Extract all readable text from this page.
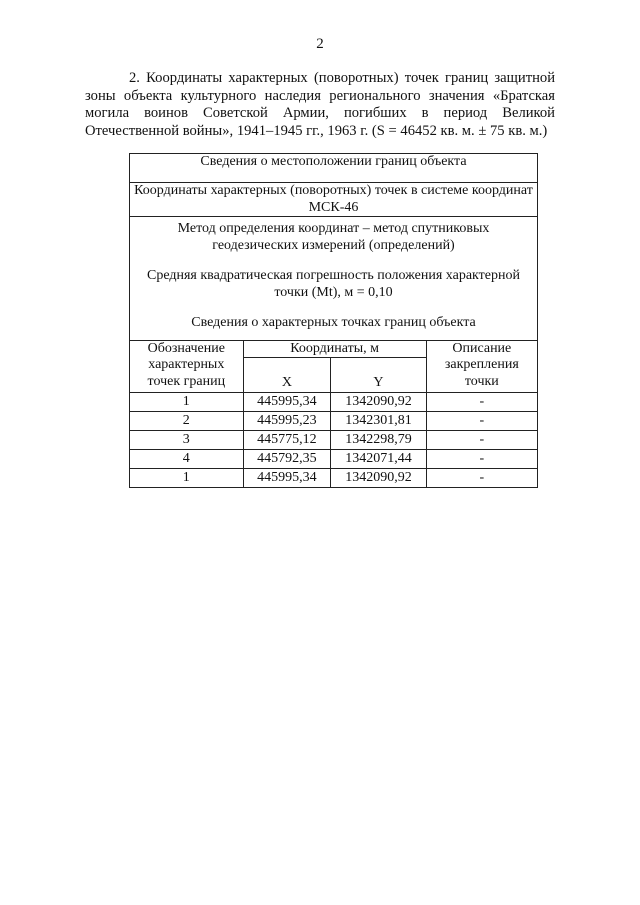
2

2. Координаты характерных (поворотных) точек границ защитной зоны объекта культурного наследия регионального значения «Братская могила воинов Советской Армии, погибших в период Великой Отечественной войны», 1941–1945 гг., 1963 г. (S = 46452 кв. м. ± 75 кв. м.)

Сведения о местоположении границ объекта			
Координаты характерных (поворотных) точек в системе координат МСК-46			

Метод определения координат – метод спутниковых геодезических измерений (определений)

Средняя квадратическая погрешность положения характерной точки (Mt), м = 0,10

Сведения о характерных точках границ объекта			

Обозначение характерных точек границ	Координаты, м		Описание закрепления точки

	X	Y	

1	445995,34	1342090,92	-
2	445995,23	1342301,81	-
3	445775,12	1342298,79	-
4	445792,35	1342071,44	-
1	445995,34	1342090,92	-
